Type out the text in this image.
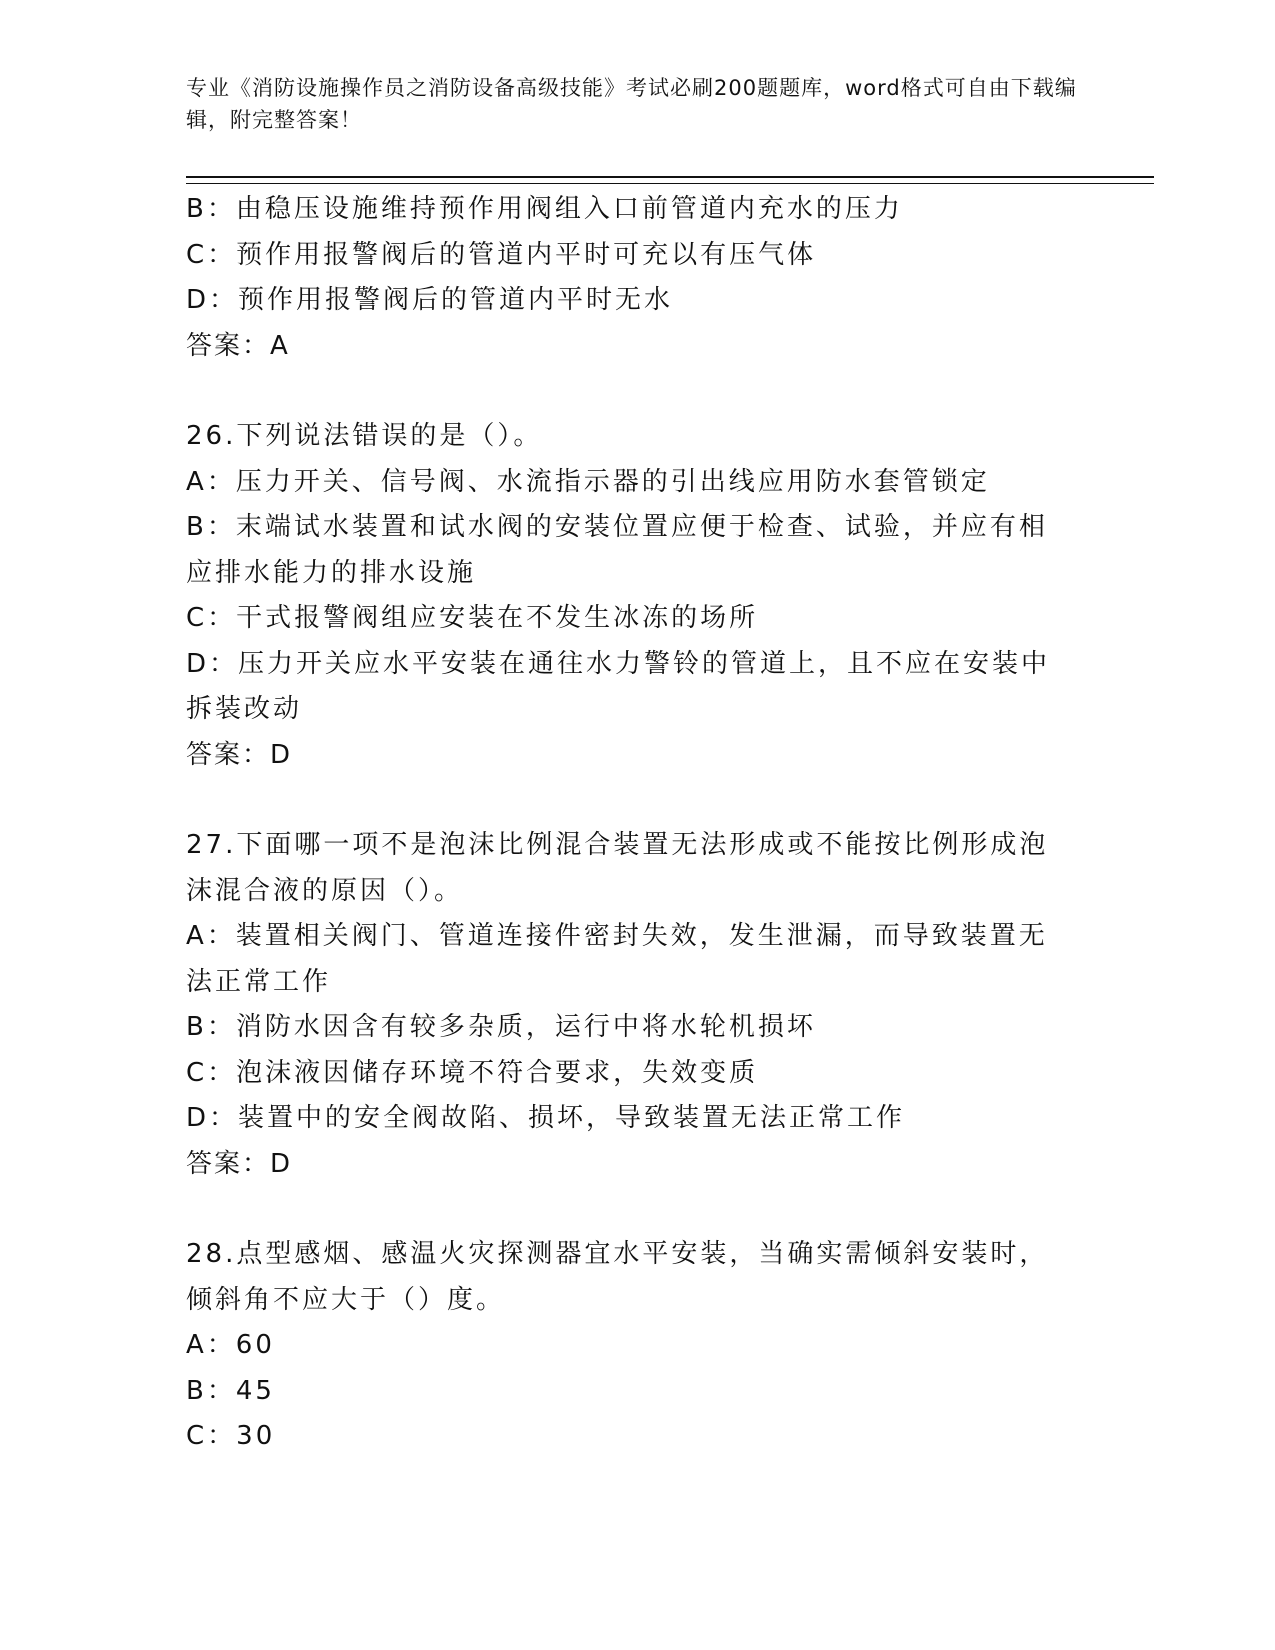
专业《消防设施操作员之消防设备高级技能》考试必刷200题题库，word格式可自由下载编辑，附完整答案！
B：由稳压设施维持预作用阀组入口前管道内充水的压力
C：预作用报警阀后的管道内平时可充以有压气体
D：预作用报警阀后的管道内平时无水
答案：A
26.下列说法错误的是（）。
A：压力开关、信号阀、水流指示器的引出线应用防水套管锁定
B：末端试水装置和试水阀的安装位置应便于检查、试验，并应有相应排水能力的排水设施
C：干式报警阀组应安装在不发生冰冻的场所
D：压力开关应水平安装在通往水力警铃的管道上，且不应在安装中拆装改动
答案：D
27.下面哪一项不是泡沫比例混合装置无法形成或不能按比例形成泡沫混合液的原因（）。
A：装置相关阀门、管道连接件密封失效，发生泄漏，而导致装置无法正常工作
B：消防水因含有较多杂质，运行中将水轮机损坏
C：泡沫液因储存环境不符合要求，失效变质
D：装置中的安全阀故陷、损坏，导致装置无法正常工作
答案：D
28.点型感烟、感温火灾探测器宜水平安装，当确实需倾斜安装时，倾斜角不应大于（）度。
A：60
B：45
C：30
